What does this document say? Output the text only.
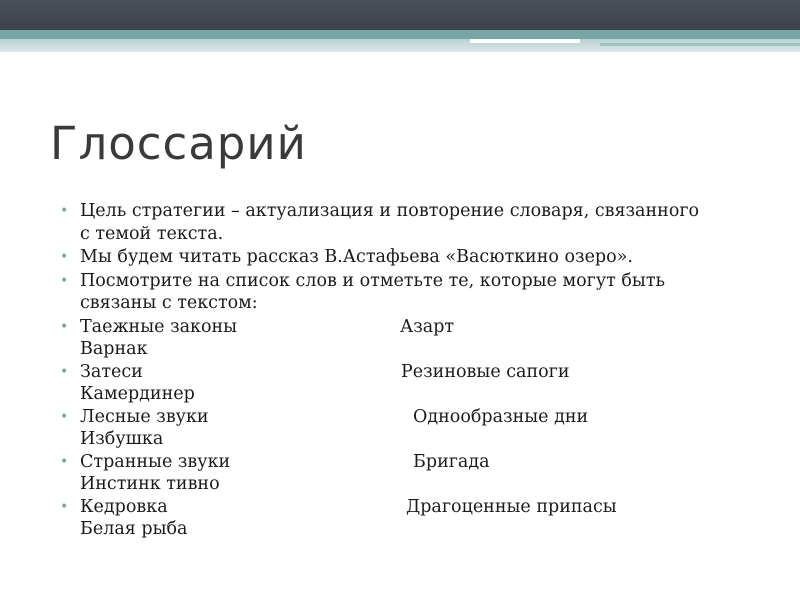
Глоссарий
• Цель стратегии – актуализация и повторение словаря, связанного с темой текста.
• Мы будем читать рассказ В.Астафьева «Васюткино озеро».
• Посмотрите на список слов и отметьте те, которые могут быть связаны с текстом:
• Таежные законы	Азарт
Варнак
• Затеси	Резиновые сапоги
Камердинер
• Лесные звуки	Однообразные дни
Избушка
• Странные звуки	Бригада
Инстинк тивно
• Кедровка	Драгоценные припасы
Белая рыба
